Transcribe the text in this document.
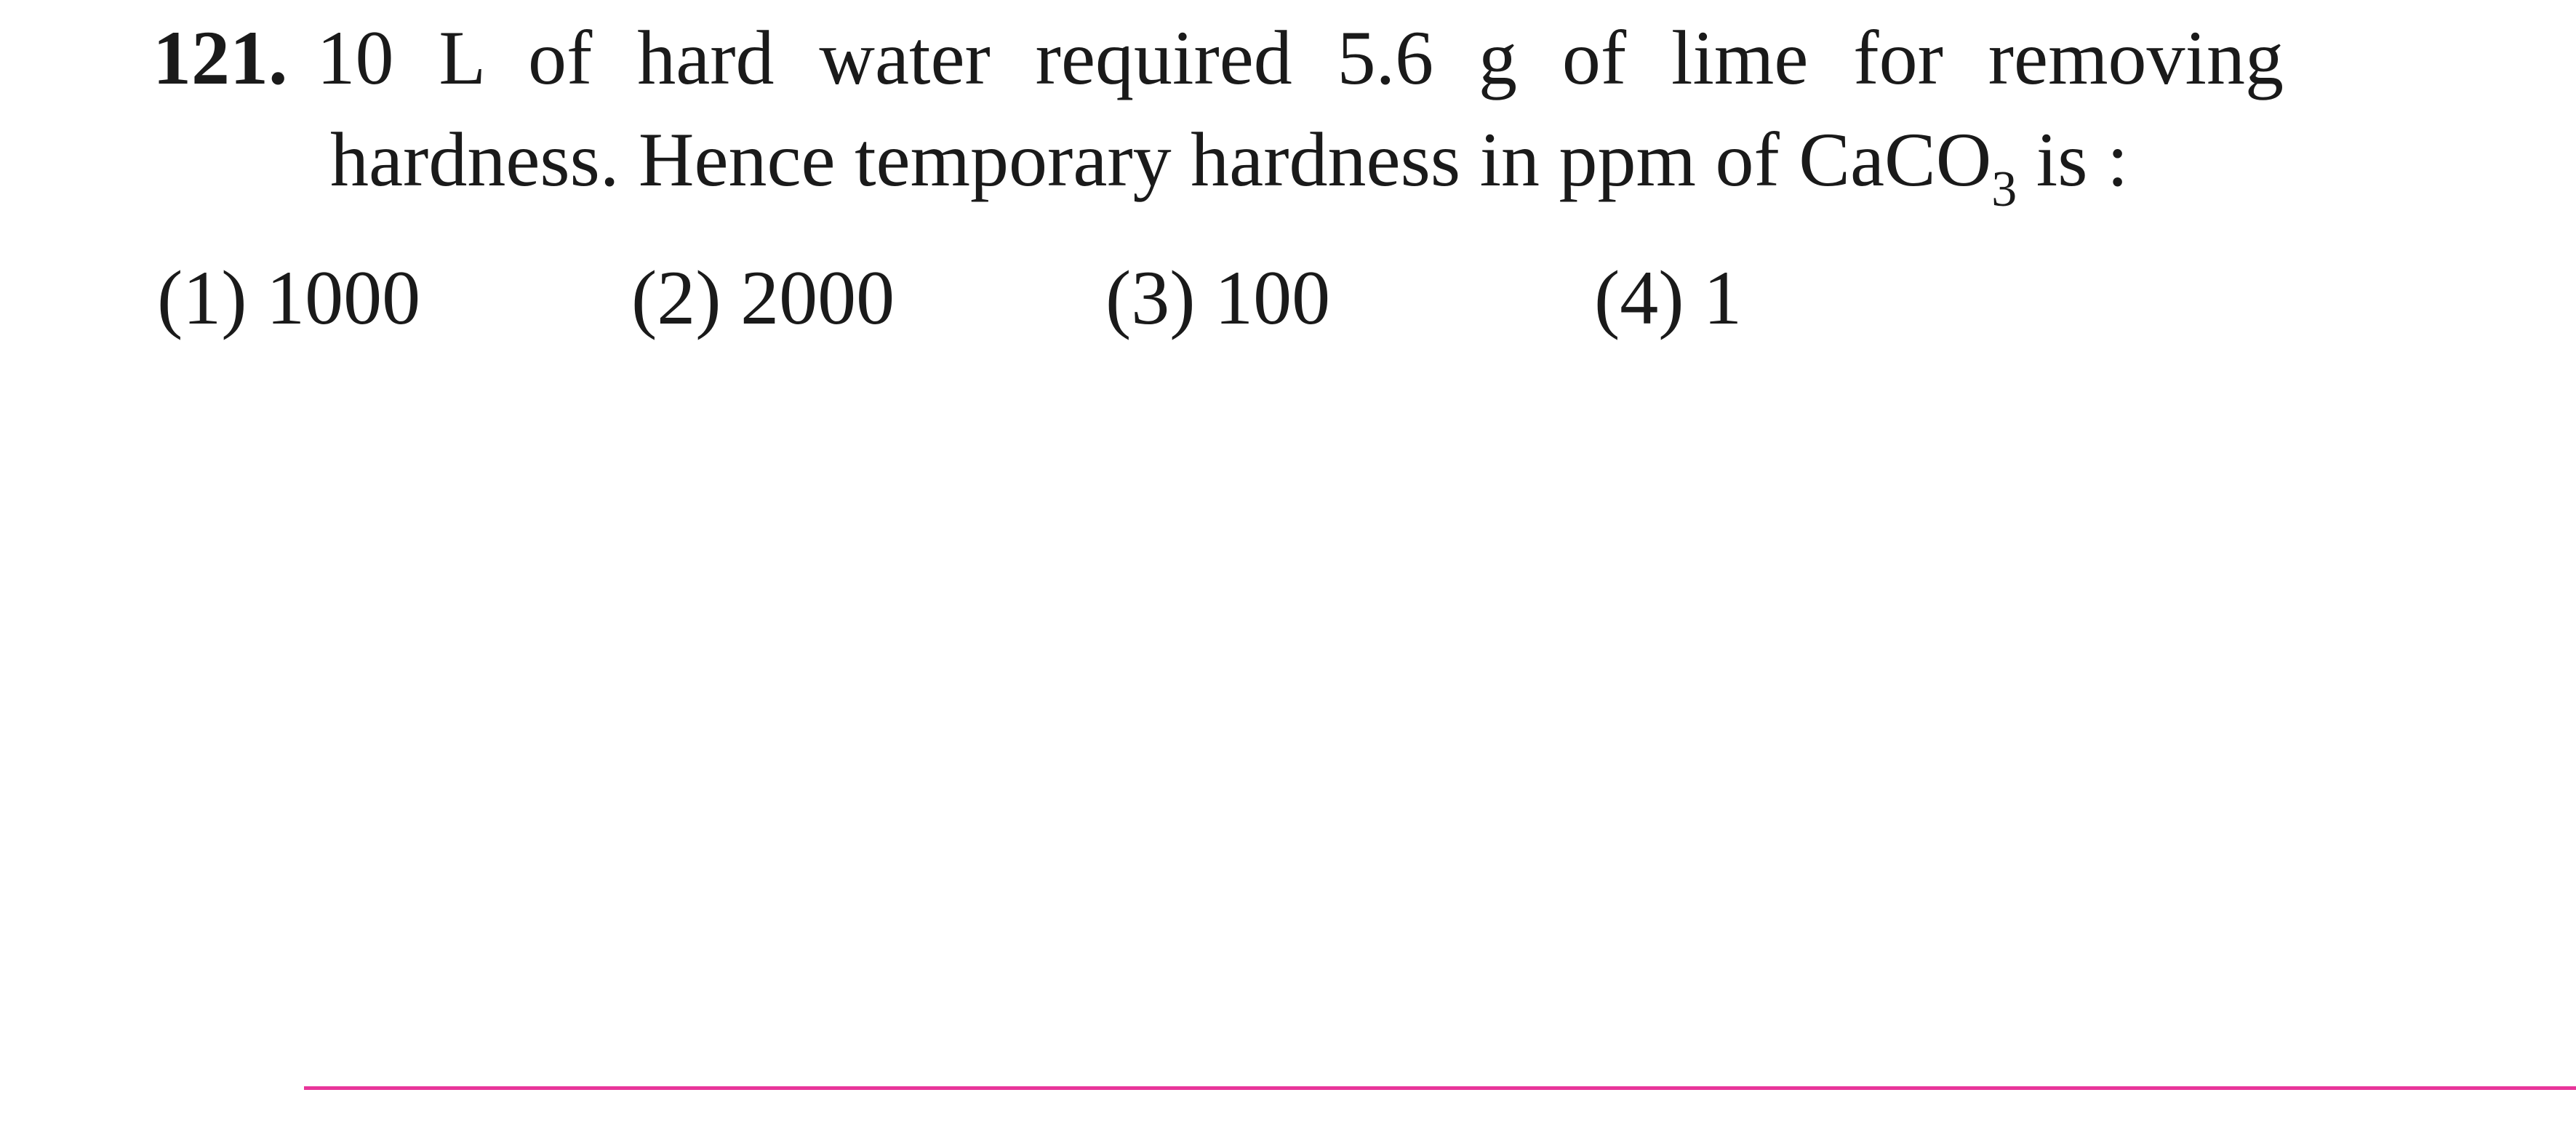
121. 10 L of hard water required 5.6 g of lime for removing
hardness. Hence temporary hardness in ppm of CaCO$_3$ is :
(1) 1000	(2) 2000	(3) 100	(4) 1
